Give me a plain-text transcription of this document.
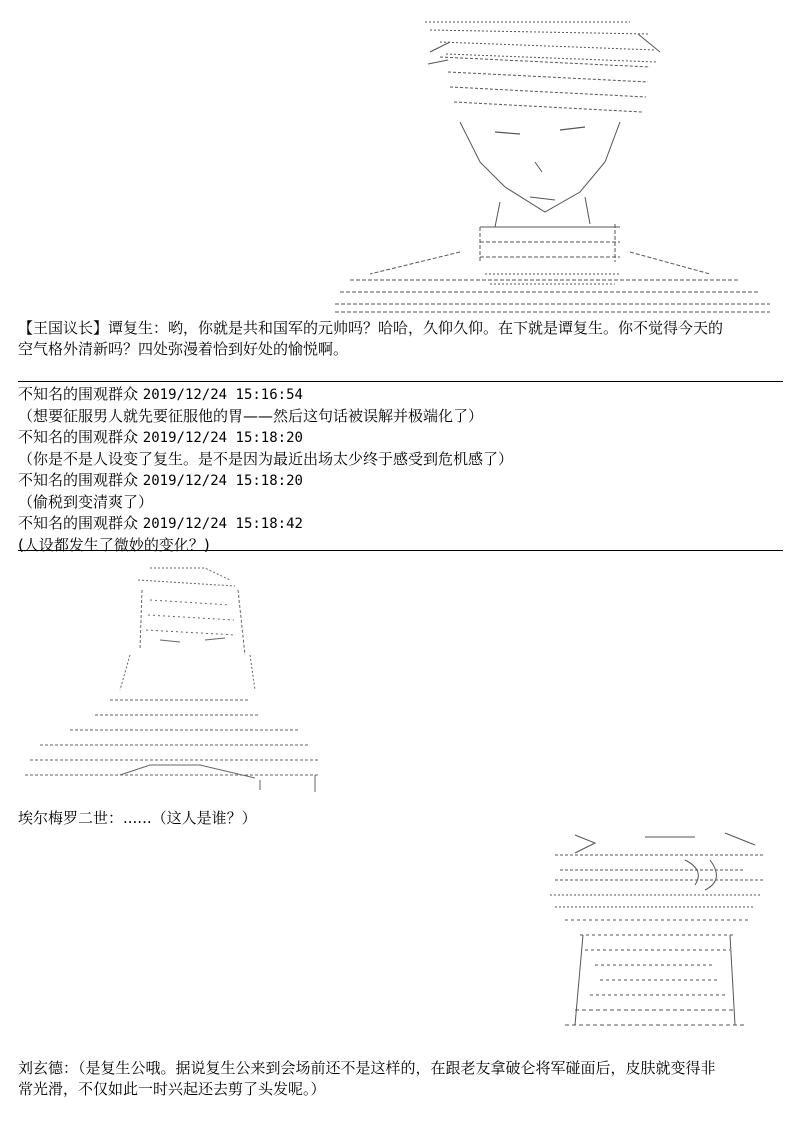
【王国议长】谭复生：哟，你就是共和国军的元帅吗？哈哈，久仰久仰。在下就是谭复生。你不觉得今天的
空气格外清新吗？四处弥漫着恰到好处的愉悦啊。
不知名的围观群众 2019/12/24 15:16:54
（想要征服男人就先要征服他的胃——然后这句话被误解并极端化了）
不知名的围观群众 2019/12/24 15:18:20
（你是不是人设变了复生。是不是因为最近出场太少终于感受到危机感了）
不知名的围观群众 2019/12/24 15:18:20
（偷税到变清爽了）
不知名的围观群众 2019/12/24 15:18:42
(人设都发生了微妙的变化？)
埃尔梅罗二世：......（这人是谁？）
刘玄德：（是复生公哦。据说复生公来到会场前还不是这样的，在跟老友拿破仑将军碰面后，皮肤就变得非
常光滑，不仅如此一时兴起还去剪了头发呢。）
